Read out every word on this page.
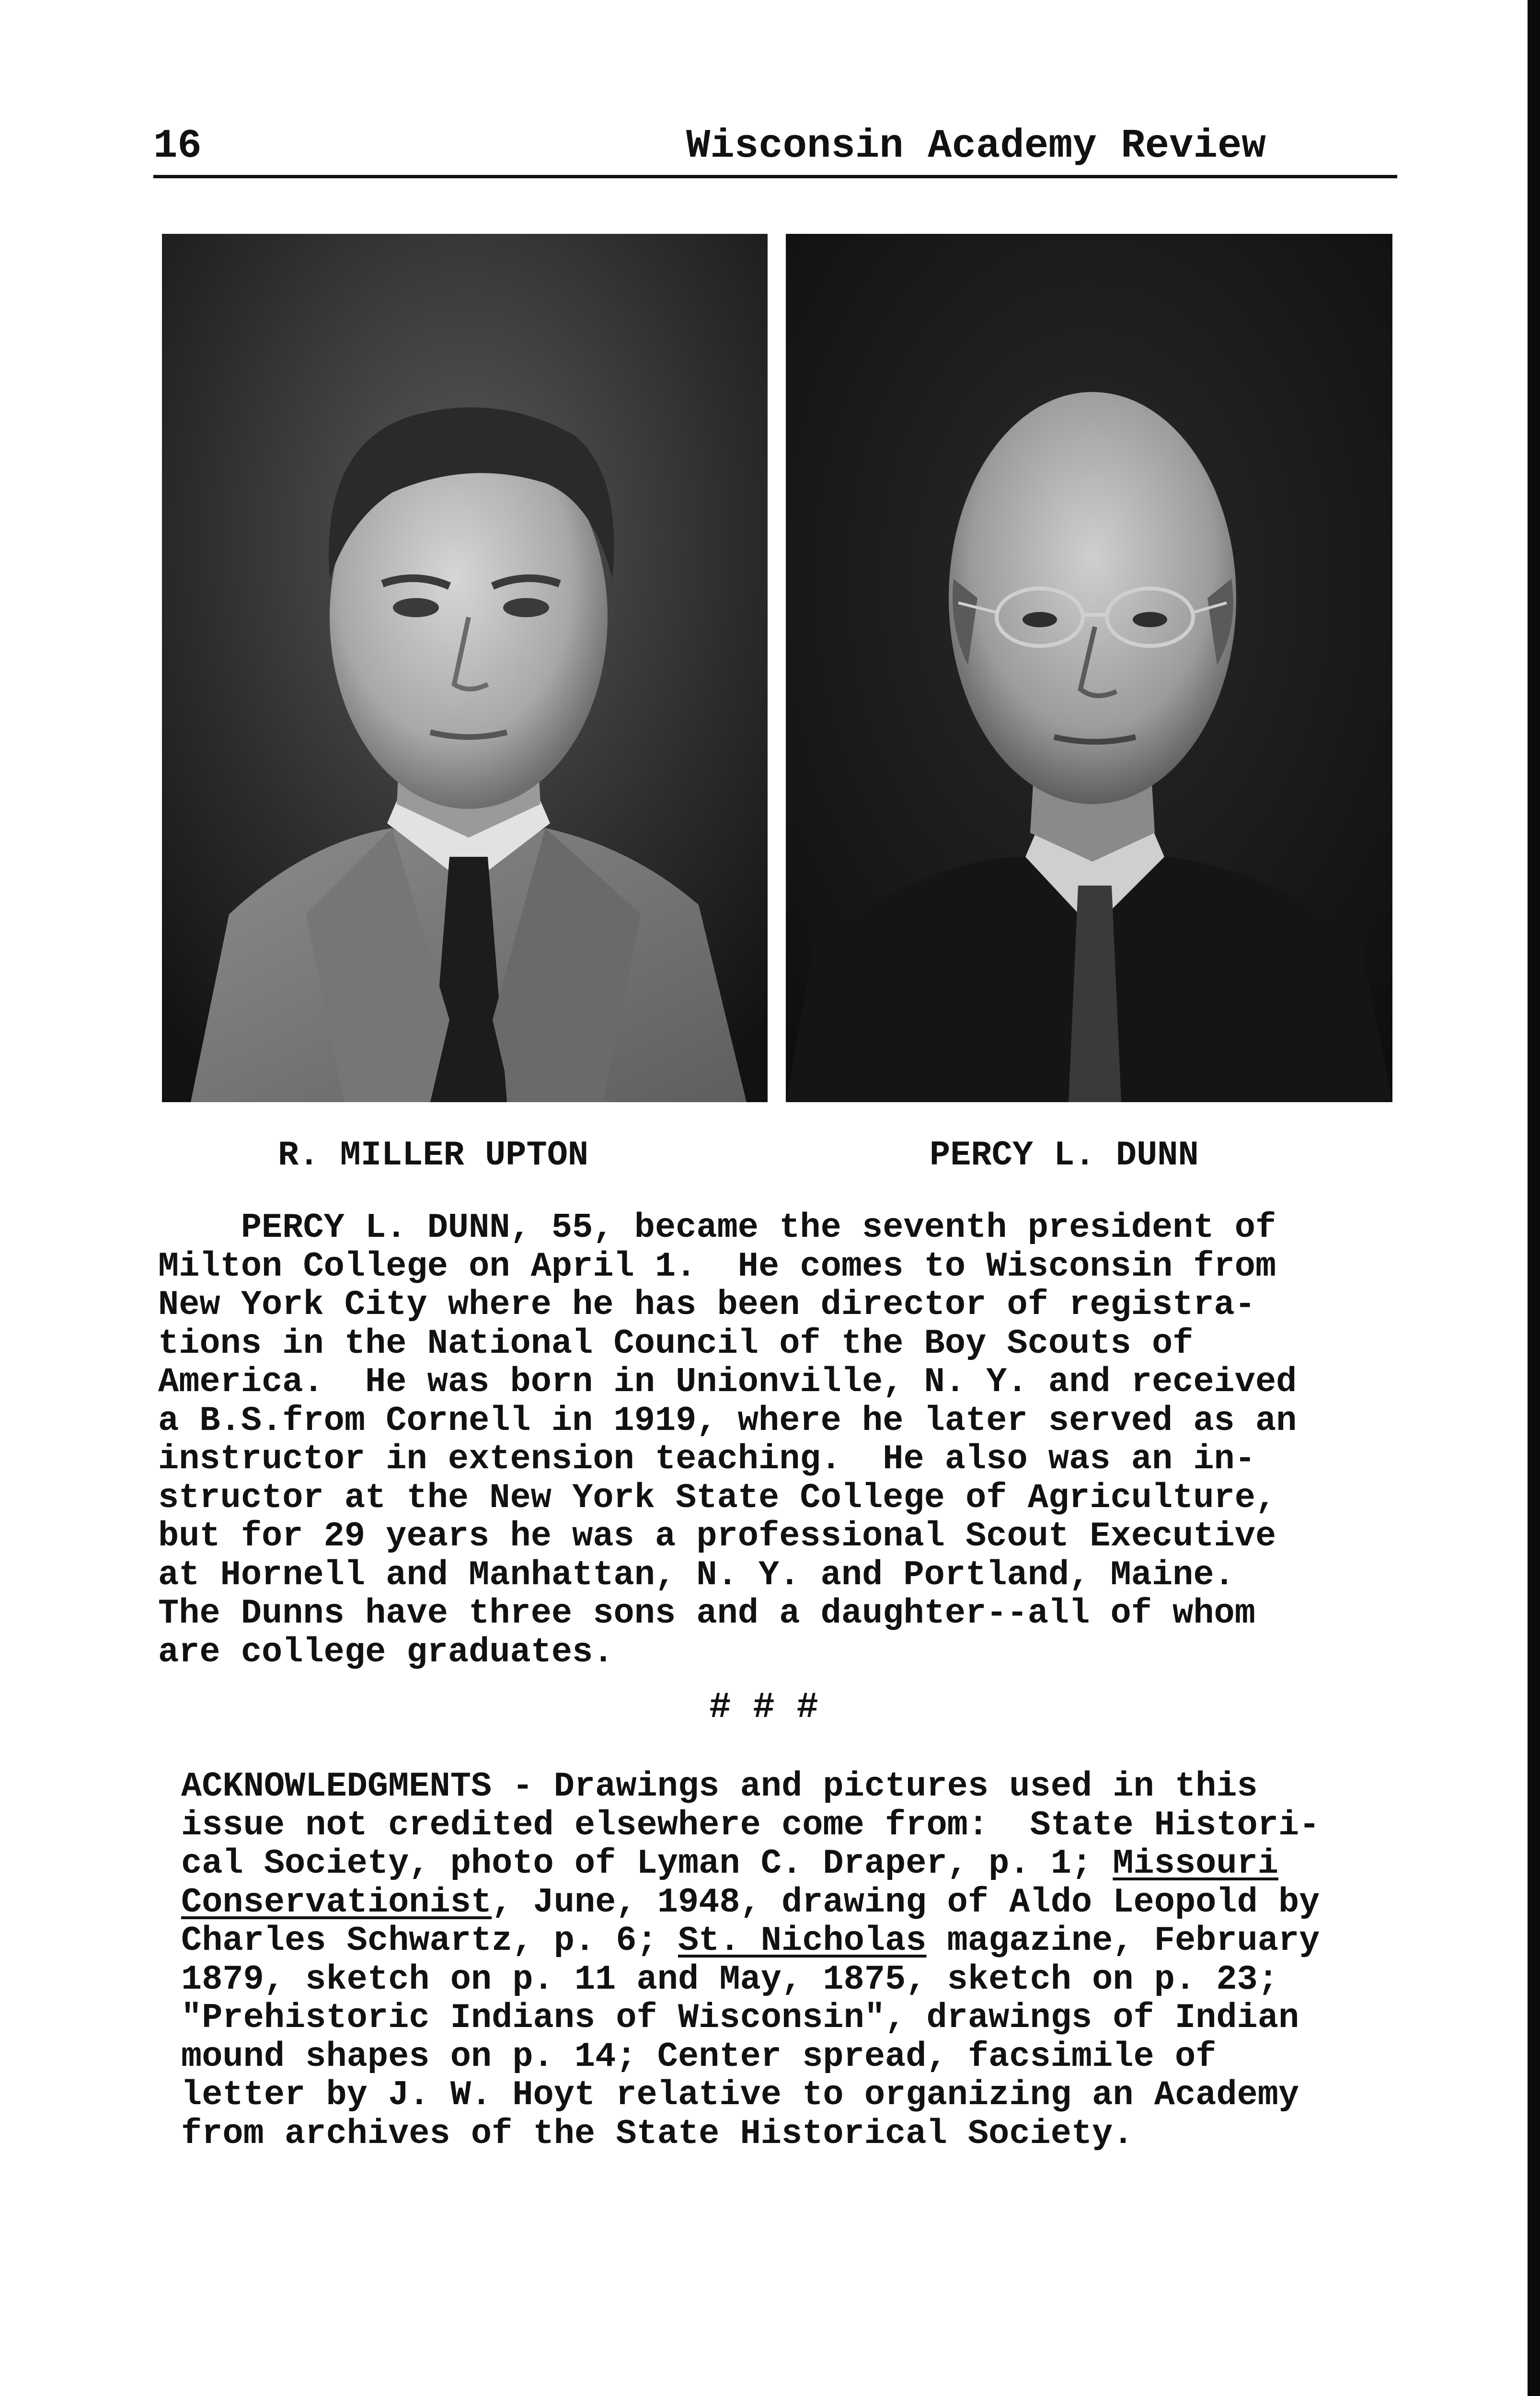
16	Wisconsin Academy Review
R. MILLER UPTON	PERCY L. DUNN
PERCY L. DUNN, 55, became the seventh president of
Milton College on April 1.  He comes to Wisconsin from
New York City where he has been director of registra-
tions in the National Council of the Boy Scouts of
America.  He was born in Unionville, N. Y. and received
a B.S.from Cornell in 1919, where he later served as an
instructor in extension teaching.  He also was an in-
structor at the New York State College of Agriculture,
but for 29 years he was a professional Scout Executive
at Hornell and Manhattan, N. Y. and Portland, Maine.
The Dunns have three sons and a daughter--all of whom
are college graduates.
# # #
ACKNOWLEDGMENTS - Drawings and pictures used in this
issue not credited elsewhere come from:  State Histori-
cal Society, photo of Lyman C. Draper, p. 1; Missouri
Conservationist, June, 1948, drawing of Aldo Leopold by
Charles Schwartz, p. 6; St. Nicholas magazine, February
1879, sketch on p. 11 and May, 1875, sketch on p. 23;
"Prehistoric Indians of Wisconsin", drawings of Indian
mound shapes on p. 14; Center spread, facsimile of
letter by J. W. Hoyt relative to organizing an Academy
from archives of the State Historical Society.
